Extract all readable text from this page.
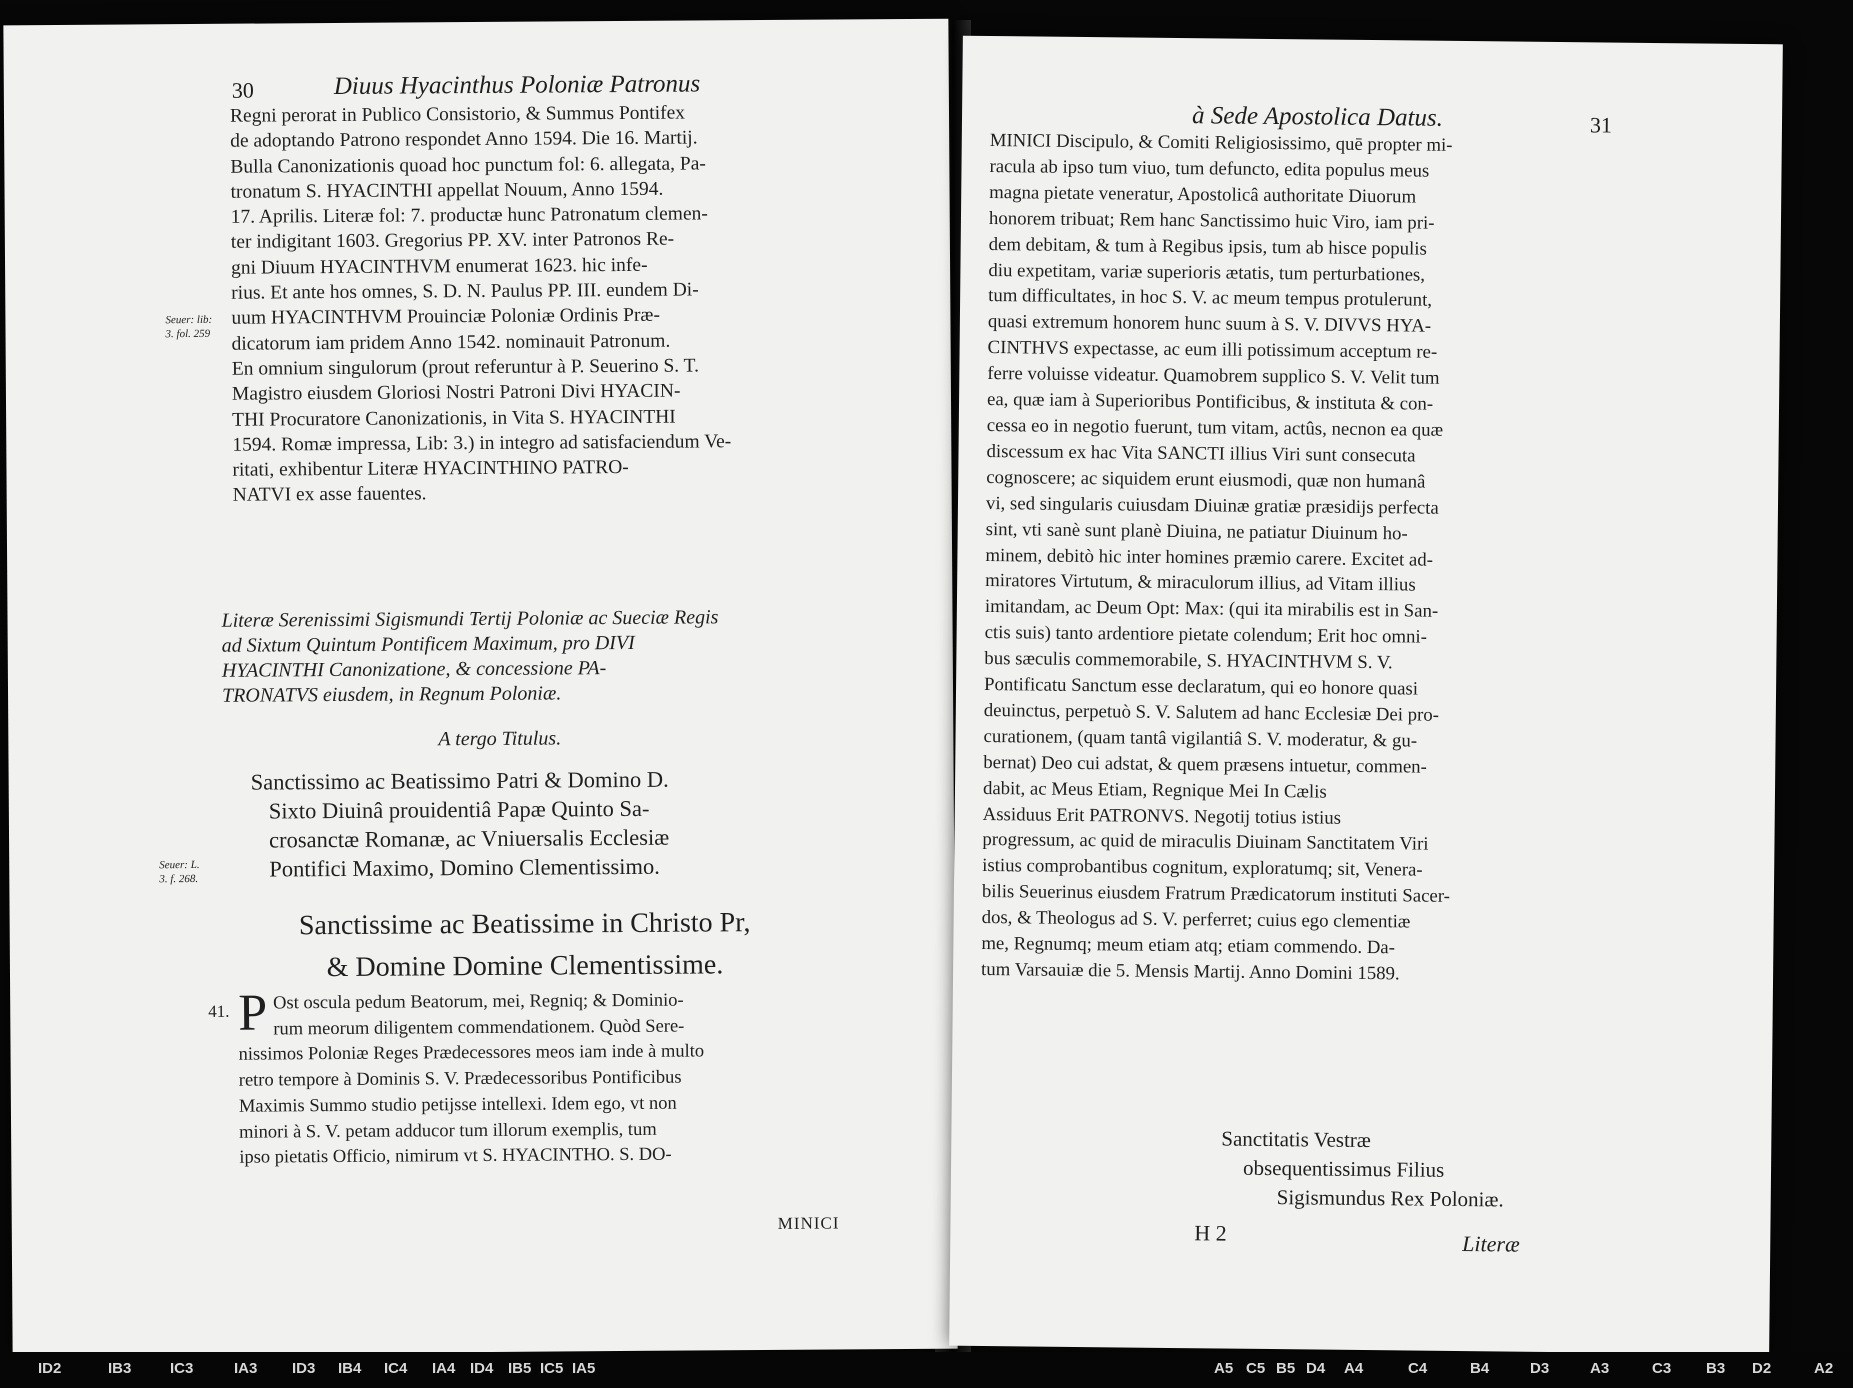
30	Diuus Hyacinthus Poloniæ Patronus
Seuer: lib:
3. fol. 259
Seuer: L.
3. f. 268.
Regni perorat in Publico Consistorio, & Summus Pontifex
de adoptando Patrono respondet Anno 1594. Die 16. Martij.
Bulla Canonizationis quoad hoc punctum fol: 6. allegata, Pa-
tronatum S. HYACINTHI appellat Nouum, Anno 1594.
17. Aprilis. Literæ fol: 7. productæ hunc Patronatum clemen-
ter indigitant 1603. Gregorius PP. XV. inter Patronos Re-
gni Diuum HYACINTHVM enumerat 1623. hic infe-
rius. Et ante hos omnes, S. D. N. Paulus PP. III. eundem Di-
uum HYACINTHVM Prouinciæ Poloniæ Ordinis Præ-
dicatorum iam pridem Anno 1542. nominauit Patronum.
En omnium singulorum (prout referuntur à P. Seuerino S. T.
Magistro eiusdem Gloriosi Nostri Patroni Divi HYACIN-
THI Procuratore Canonizationis, in Vita S. HYACINTHI
1594. Romæ impressa, Lib: 3.) in integro ad satisfaciendum Ve-
ritati, exhibentur Literæ HYACINTHINO PATRO-
NATVI ex asse fauentes.
Literæ Serenissimi Sigismundi Tertij Poloniæ ac Sueciæ Regis
ad Sixtum Quintum Pontificem Maximum, pro DIVI
HYACINTHI Canonizatione, & concessione PA-
TRONATVS eiusdem, in Regnum Poloniæ.
A tergo Titulus.
Sanctissimo ac Beatissimo Patri & Domino D.
Sixto Diuinâ prouidentiâ Papæ Quinto Sa-
crosanctæ Romanæ, ac Vniuersalis Ecclesiæ
Pontifici Maximo, Domino Clementissimo.
Sanctissime ac Beatissime in Christo Pr,
& Domine Domine Clementissime.
41. P Ost oscula pedum Beatorum, mei, Regniq; & Dominio-
rum meorum diligentem commendationem. Quòd Sere-
nissimos Poloniæ Reges Prædecessores meos iam inde à multo
retro tempore à Dominis S. V. Prædecessoribus Pontificibus
Maximis Summo studio petijsse intellexi. Idem ego, vt non
minori à S. V. petam adducor tum illorum exemplis, tum
ipso pietatis Officio, nimirum vt S. HYACINTHO. S. DO-
MINICI
à Sede Apostolica Datus.	31
MINICI Discipulo, & Comiti Religiosissimo, quē propter mi-
racula ab ipso tum viuo, tum defuncto, edita populus meus
magna pietate veneratur, Apostolicâ authoritate Diuorum
honorem tribuat; Rem hanc Sanctissimo huic Viro, iam pri-
dem debitam, & tum à Regibus ipsis, tum ab hisce populis
diu expetitam, variæ superioris ætatis, tum perturbationes,
tum difficultates, in hoc S. V. ac meum tempus protulerunt,
quasi extremum honorem hunc suum à S. V. DIVVS HYA-
CINTHVS expectasse, ac eum illi potissimum acceptum re-
ferre voluisse videatur. Quamobrem supplico S. V. Velit tum
ea, quæ iam à Superioribus Pontificibus, & instituta & con-
cessa eo in negotio fuerunt, tum vitam, actûs, necnon ea quæ
discessum ex hac Vita SANCTI illius Viri sunt consecuta
cognoscere; ac siquidem erunt eiusmodi, quæ non humanâ
vi, sed singularis cuiusdam Diuinæ gratiæ præsidijs perfecta
sint, vti sanè sunt planè Diuina, ne patiatur Diuinum ho-
minem, debitò hic inter homines præmio carere. Excitet ad-
miratores Virtutum, & miraculorum illius, ad Vitam illius
imitandam, ac Deum Opt: Max: (qui ita mirabilis est in San-
ctis suis) tanto ardentiore pietate colendum; Erit hoc omni-
bus sæculis commemorabile, S. HYACINTHVM S. V.
Pontificatu Sanctum esse declaratum, qui eo honore quasi
deuinctus, perpetuò S. V. Salutem ad hanc Ecclesiæ Dei pro-
curationem, (quam tantâ vigilantiâ S. V. moderatur, & gu-
bernat) Deo cui adstat, & quem præsens intuetur, commen-
dabit, ac Meus Etiam, Regnique Mei In Cælis
Assiduus Erit PATRONVS. Negotij totius istius
progressum, ac quid de miraculis Diuinam Sanctitatem Viri
istius comprobantibus cognitum, exploratumq; sit, Venera-
bilis Seuerinus eiusdem Fratrum Prædicatorum instituti Sacer-
dos, & Theologus ad S. V. perferret; cuius ego clementiæ
me, Regnumq; meum etiam atq; etiam commendo. Da-
tum Varsauiæ die 5. Mensis Martij. Anno Domini 1589.
Sanctitatis Vestræ
obsequentissimus Filius
Sigismundus Rex Poloniæ.
H 2	Literæ
ID2	IB3	IC3	IA3 ID3 IB4 IC4 IA4 ID4 IB5 IC5 IA5	A5 C5 B5 D4 A4	C4	B4	D3	A3	C3 B3 D2	A2
